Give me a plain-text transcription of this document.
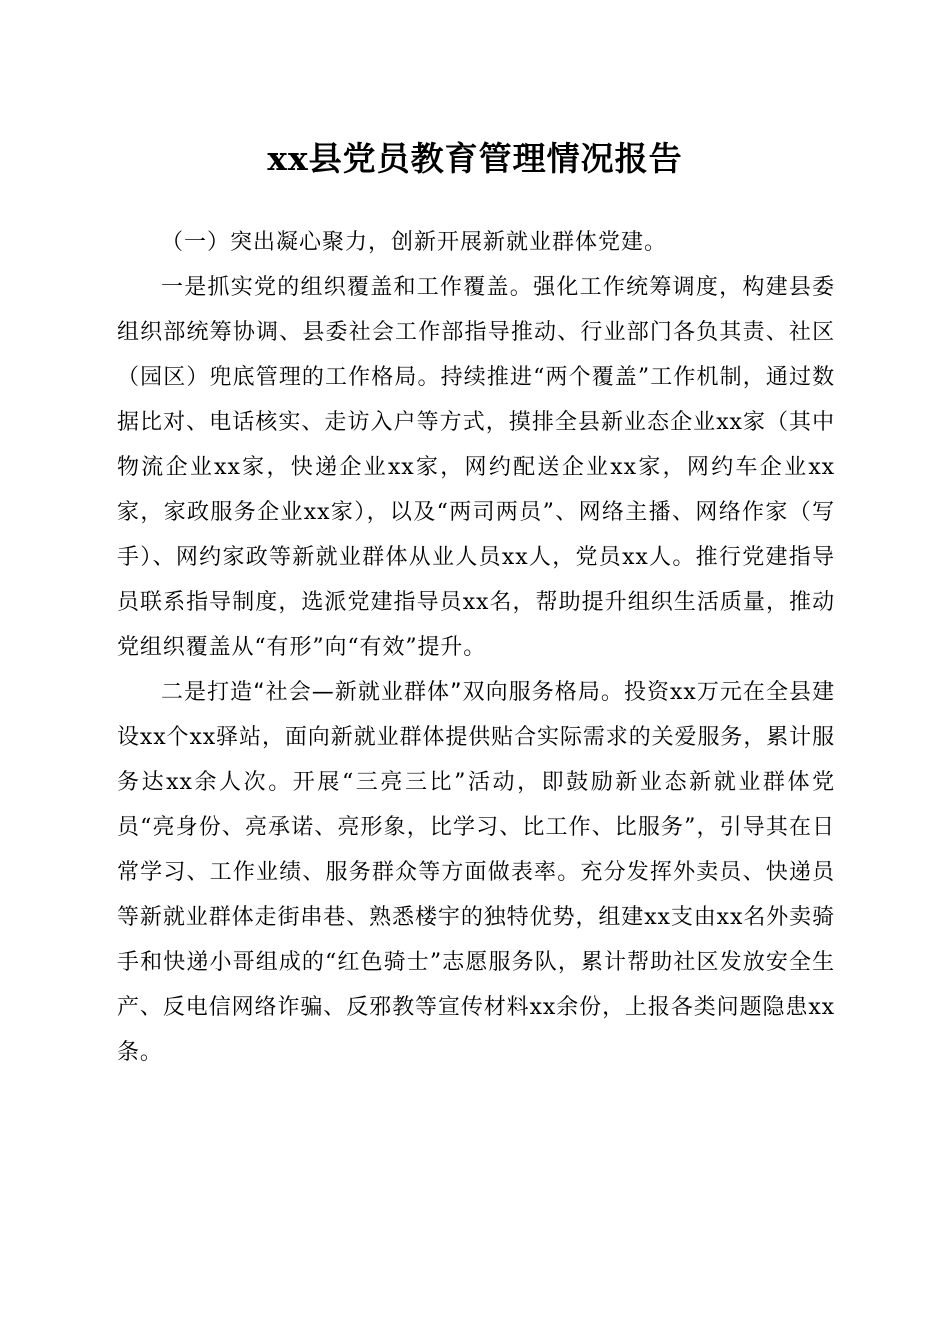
xx县党员教育管理情况报告

（一）突出凝心聚力，创新开展新就业群体党建。

一是抓实党的组织覆盖和工作覆盖。强化工作统筹调度，构建县委组织部统筹协调、县委社会工作部指导推动、行业部门各负其责、社区（园区）兜底管理的工作格局。持续推进“两个覆盖”工作机制，通过数据比对、电话核实、走访入户等方式，摸排全县新业态企业xx家（其中物流企业xx家，快递企业xx家，网约配送企业xx家，网约车企业xx家，家政服务企业xx家），以及“两司两员”、网络主播、网络作家（写手）、网约家政等新就业群体从业人员xx人，党员xx人。推行党建指导员联系指导制度，选派党建指导员xx名，帮助提升组织生活质量，推动党组织覆盖从“有形”向“有效”提升。

二是打造“社会—新就业群体”双向服务格局。投资xx万元在全县建设xx个xx驿站，面向新就业群体提供贴合实际需求的关爱服务，累计服务达xx余人次。开展“三亮三比”活动，即鼓励新业态新就业群体党员“亮身份、亮承诺、亮形象，比学习、比工作、比服务”，引导其在日常学习、工作业绩、服务群众等方面做表率。充分发挥外卖员、快递员等新就业群体走街串巷、熟悉楼宇的独特优势，组建xx支由xx名外卖骑手和快递小哥组成的“红色骑士”志愿服务队，累计帮助社区发放安全生产、反电信网络诈骗、反邪教等宣传材料xx余份，上报各类问题隐患xx条。
